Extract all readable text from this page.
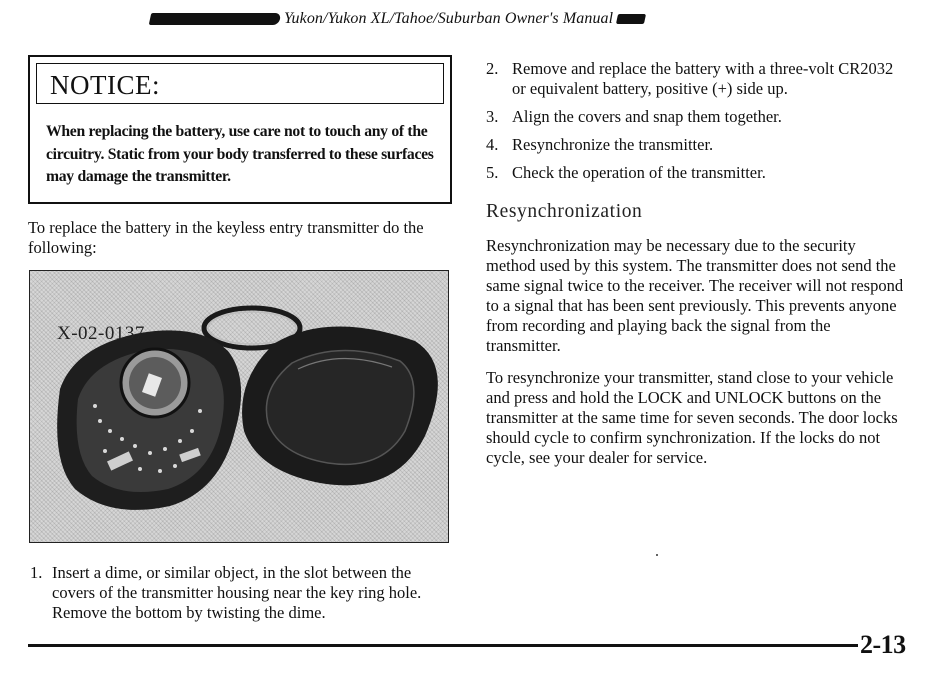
Yukon/Yukon XL/Tahoe/Suburban Owner's Manual
NOTICE:
When replacing the battery, use care not to touch any of the circuitry. Static from your body transferred to these surfaces may damage the transmitter.
To replace the battery in the keyless entry transmitter do the following:
X-02-0137
1. Insert a dime, or similar object, in the slot between the covers of the transmitter housing near the key ring hole. Remove the bottom by twisting the dime.
2. Remove and replace the battery with a three-volt CR2032 or equivalent battery, positive (+) side up.
3. Align the covers and snap them together.
4. Resynchronize the transmitter.
5. Check the operation of the transmitter.
Resynchronization
Resynchronization may be necessary due to the security method used by this system. The transmitter does not send the same signal twice to the receiver. The receiver will not respond to a signal that has been sent previously. This prevents anyone from recording and playing back the signal from the transmitter.
To resynchronize your transmitter, stand close to your vehicle and press and hold the LOCK and UNLOCK buttons on the transmitter at the same time for seven seconds. The door locks should cycle to confirm synchronization. If the locks do not cycle, see your dealer for service.
2-13
